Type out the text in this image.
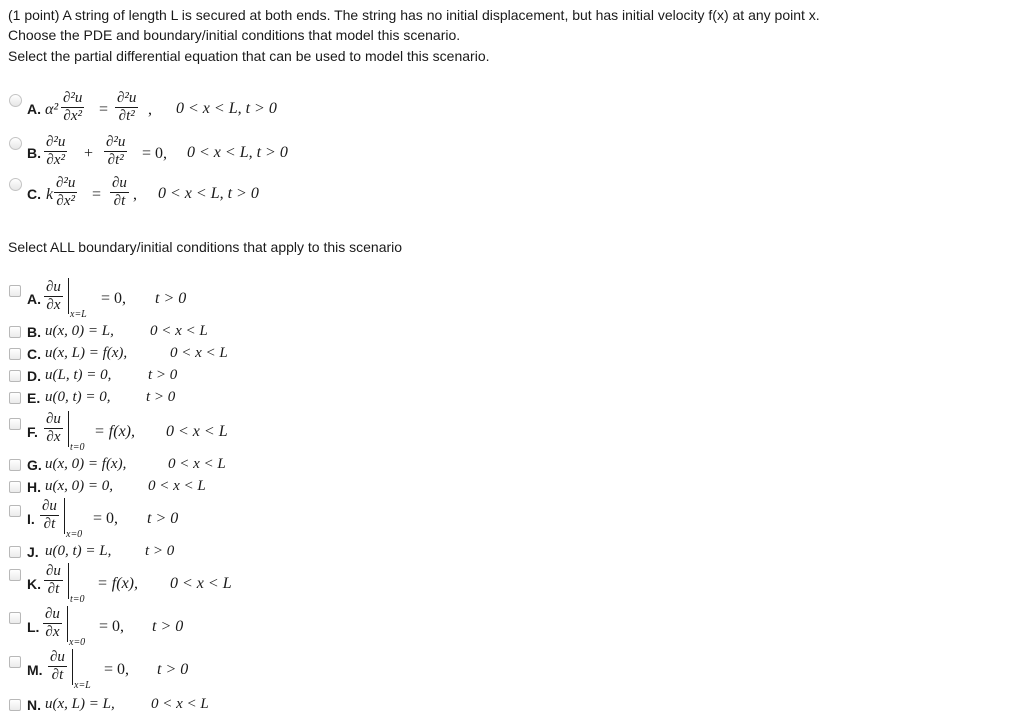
(1 point) A string of length L is secured at both ends. The string has no initial displacement, but has initial velocity f(x) at any point x.
Choose the PDE and boundary/initial conditions that model this scenario.
Select the partial differential equation that can be used to model this scenario.
A. $\alpha^2 \frac{\text{∂²u}}{\text{∂x²}} = \frac{\text{∂²u}}{\text{∂t²}}$ , 0 < x < L, t > 0
B. $\frac{\text{∂²u}}{\text{∂x²}} + \frac{\text{∂²u}}{\text{∂t²}} = 0$, 0 < x < L, t > 0
C. k $\frac{\text{∂²u}}{\text{∂x²}} = \frac{\partial u}{\partial t}$ , 0 < x < L, t > 0
Select ALL boundary/initial conditions that apply to this scenario
A. $\frac{\partial u}{\partial x}$
x=L
= 0, t > 0
B. u(x, 0) = L, 0 < x < L
C. u(x, L) = f(x),	0 < x < L
D. u(L, t) = 0, t > 0
E. u(0, t) = 0, t > 0
F. $\frac{\partial u}{\partial x}$
t=0
= f(x), 0 < x < L
G. u(x, 0) = f(x),	0 < x < L
H. u(x, 0) = 0, 0 < x < L
I. $\frac{\partial u}{\partial t}$
x=0
= 0, t > 0
J. u(0, t) = L, t > 0
K. $\frac{\partial u}{\partial t}$
t=0
= f(x), 0 < x < L
L. $\frac{\partial u}{\partial x}$
x=0
= 0, t > 0
M. $\frac{\partial u}{\partial t}$
x=L
= 0, t > 0
N. u(x, L) = L, 0 < x < L
